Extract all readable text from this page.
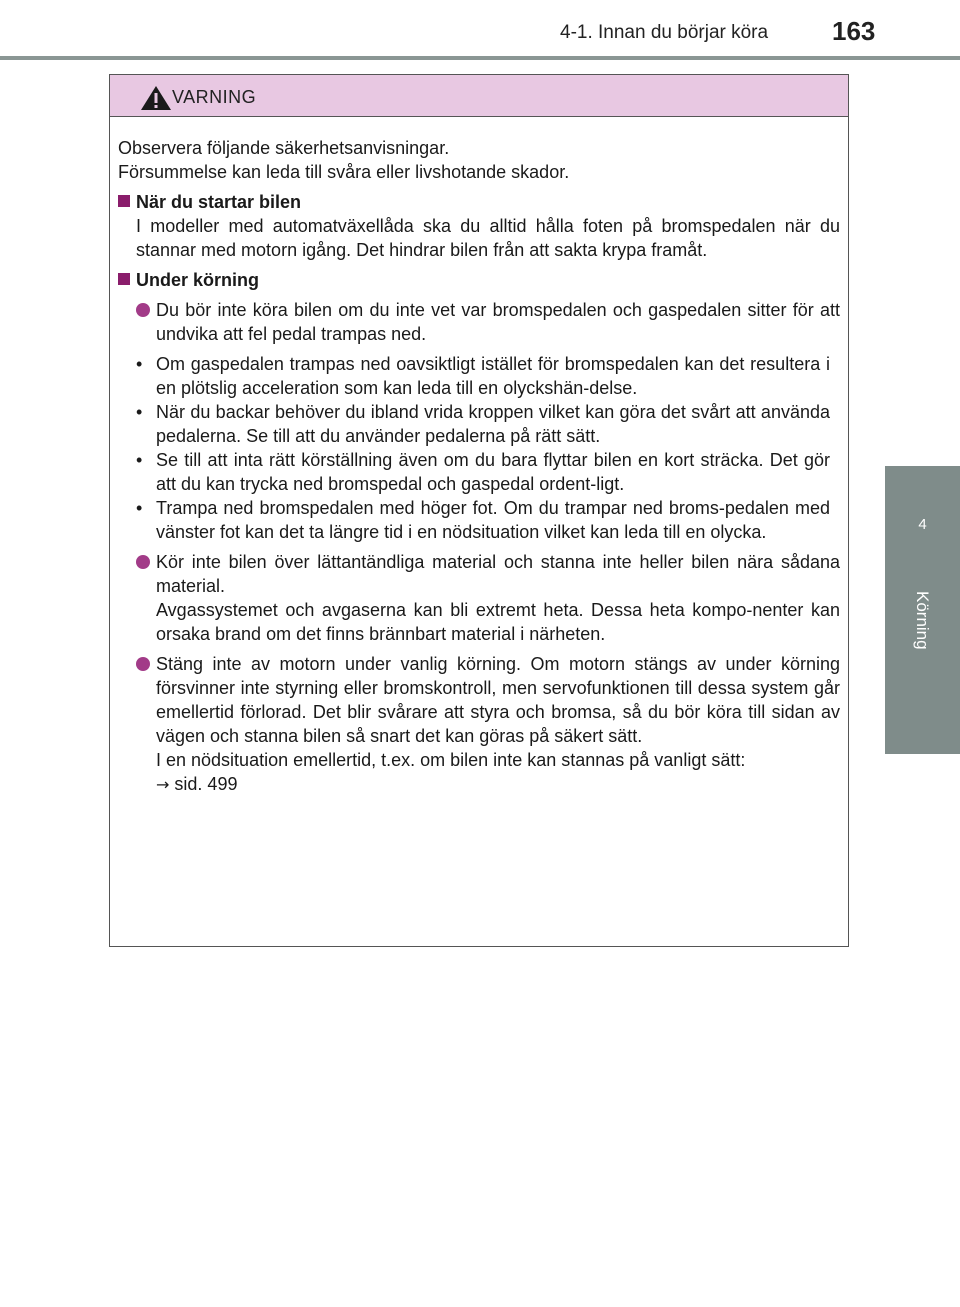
4-1. Innan du börjar köra	163
4
Körning
VARNING

Observera följande säkerhetsanvisningar.

Försummelse kan leda till svåra eller livshotande skador.

När du startar bilen

I modeller med automatväxellåda ska du alltid hålla foten på bromspedalen när du stannar med motorn igång. Det hindrar bilen från att sakta krypa framåt.

Under körning
Du bör inte köra bilen om du inte vet var bromspedalen och gaspedalen sitter för att undvika att fel pedal trampas ned.
• Om gaspedalen trampas ned oavsiktligt istället för bromspedalen kan det resultera i en plötslig acceleration som kan leda till en olyckshän-delse.
• När du backar behöver du ibland vrida kroppen vilket kan göra det svårt att använda pedalerna. Se till att du använder pedalerna på rätt sätt.
• Se till att inta rätt körställning även om du bara flyttar bilen en kort sträcka. Det gör att du kan trycka ned bromspedal och gaspedal ordent-ligt.
• Trampa ned bromspedalen med höger fot. Om du trampar ned broms-pedalen med vänster fot kan det ta längre tid i en nödsituation vilket kan leda till en olycka.
Kör inte bilen över lättantändliga material och stanna inte heller bilen nära sådana material.
Avgassystemet och avgaserna kan bli extremt heta. Dessa heta kompo-nenter kan orsaka brand om det finns brännbart material i närheten.
Stäng inte av motorn under vanlig körning. Om motorn stängs av under körning försvinner inte styrning eller bromskontroll, men servofunktionen till dessa system går emellertid förlorad. Det blir svårare att styra och bromsa, så du bör köra till sidan av vägen och stanna bilen så snart det kan göras på säkert sätt.
I en nödsituation emellertid, t.ex. om bilen inte kan stannas på vanligt sätt:
→ sid. 499
